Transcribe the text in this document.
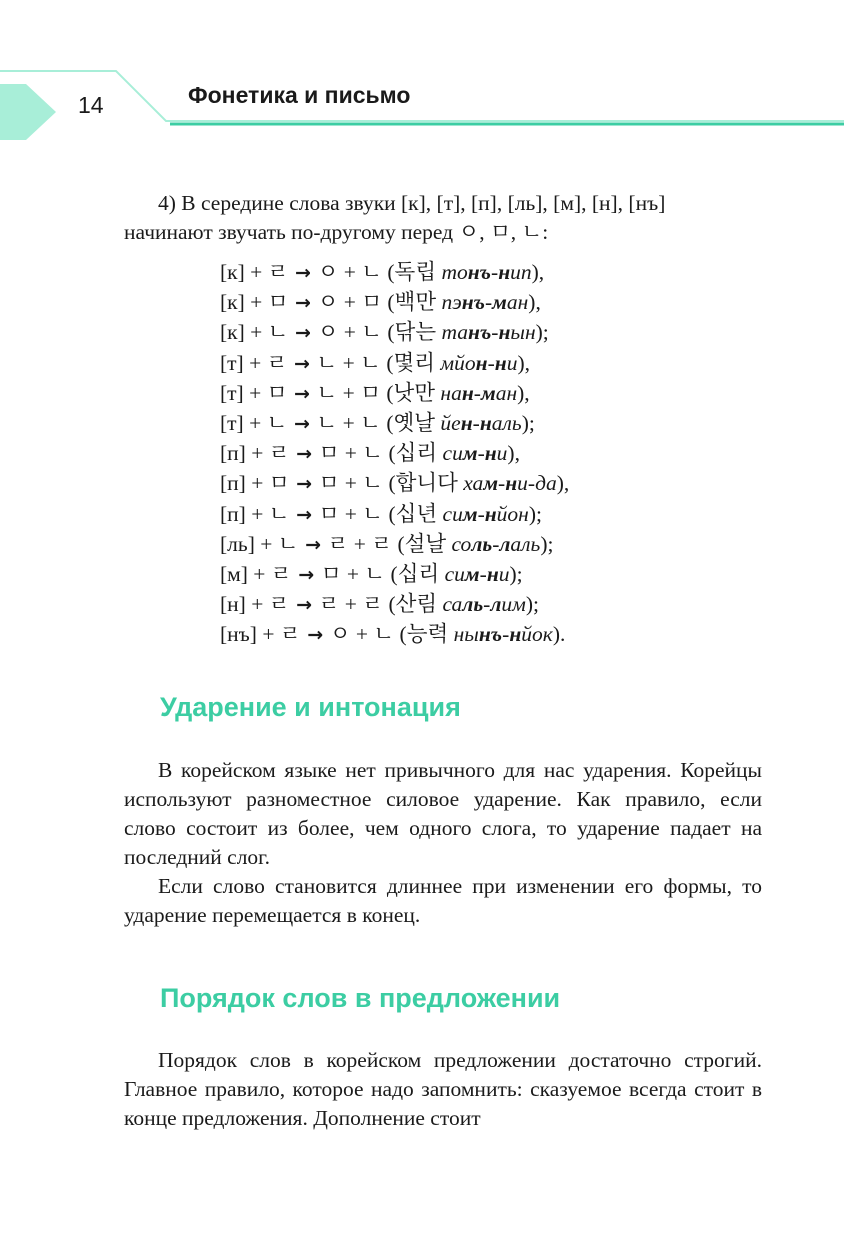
14	Фонетика и письмо
4) В середине слова звуки [к], [т], [п], [ль], [м], [н], [нъ]
начинают звучать по-другому перед ㅇ, ㅁ, ㄴ:
[к] + ㄹ → ㅇ + ㄴ (독립 тонъ-нип),
[к] + ㅁ → ㅇ + ㅁ (백만 пэнъ-ман),
[к] + ㄴ → ㅇ + ㄴ (닦는 танъ-нын);
[т] + ㄹ → ㄴ + ㄴ (몇리 мйон-ни),
[т] + ㅁ → ㄴ + ㅁ (낫만 нан-ман),
[т] + ㄴ → ㄴ + ㄴ (옛날 йен-наль);
[п] + ㄹ → ㅁ + ㄴ (십리 сим-ни),
[п] + ㅁ → ㅁ + ㄴ (합니다 хам-ни-да),
[п] + ㄴ → ㅁ + ㄴ (십년 сим-нйон);
[ль] + ㄴ → ㄹ + ㄹ (설날 соль-лаль);
[м] + ㄹ → ㅁ + ㄴ (십리 сим-ни);
[н] + ㄹ → ㄹ + ㄹ (산림 саль-лим);
[нъ] + ㄹ → ㅇ + ㄴ (능력 нынъ-нйок).
Ударение и интонация

В корейском языке нет привычного для нас ударения. Корейцы используют разноместное силовое ударение. Как правило, если слово состоит из более, чем одного слога, то ударение падает на последний слог.

Если слово становится длиннее при изменении его формы, то ударение перемещается в конец.

Порядок слов в предложении

Порядок слов в корейском предложении достаточно строгий. Главное правило, которое надо запомнить: сказуемое всегда стоит в конце предложения. Дополнение стоит
